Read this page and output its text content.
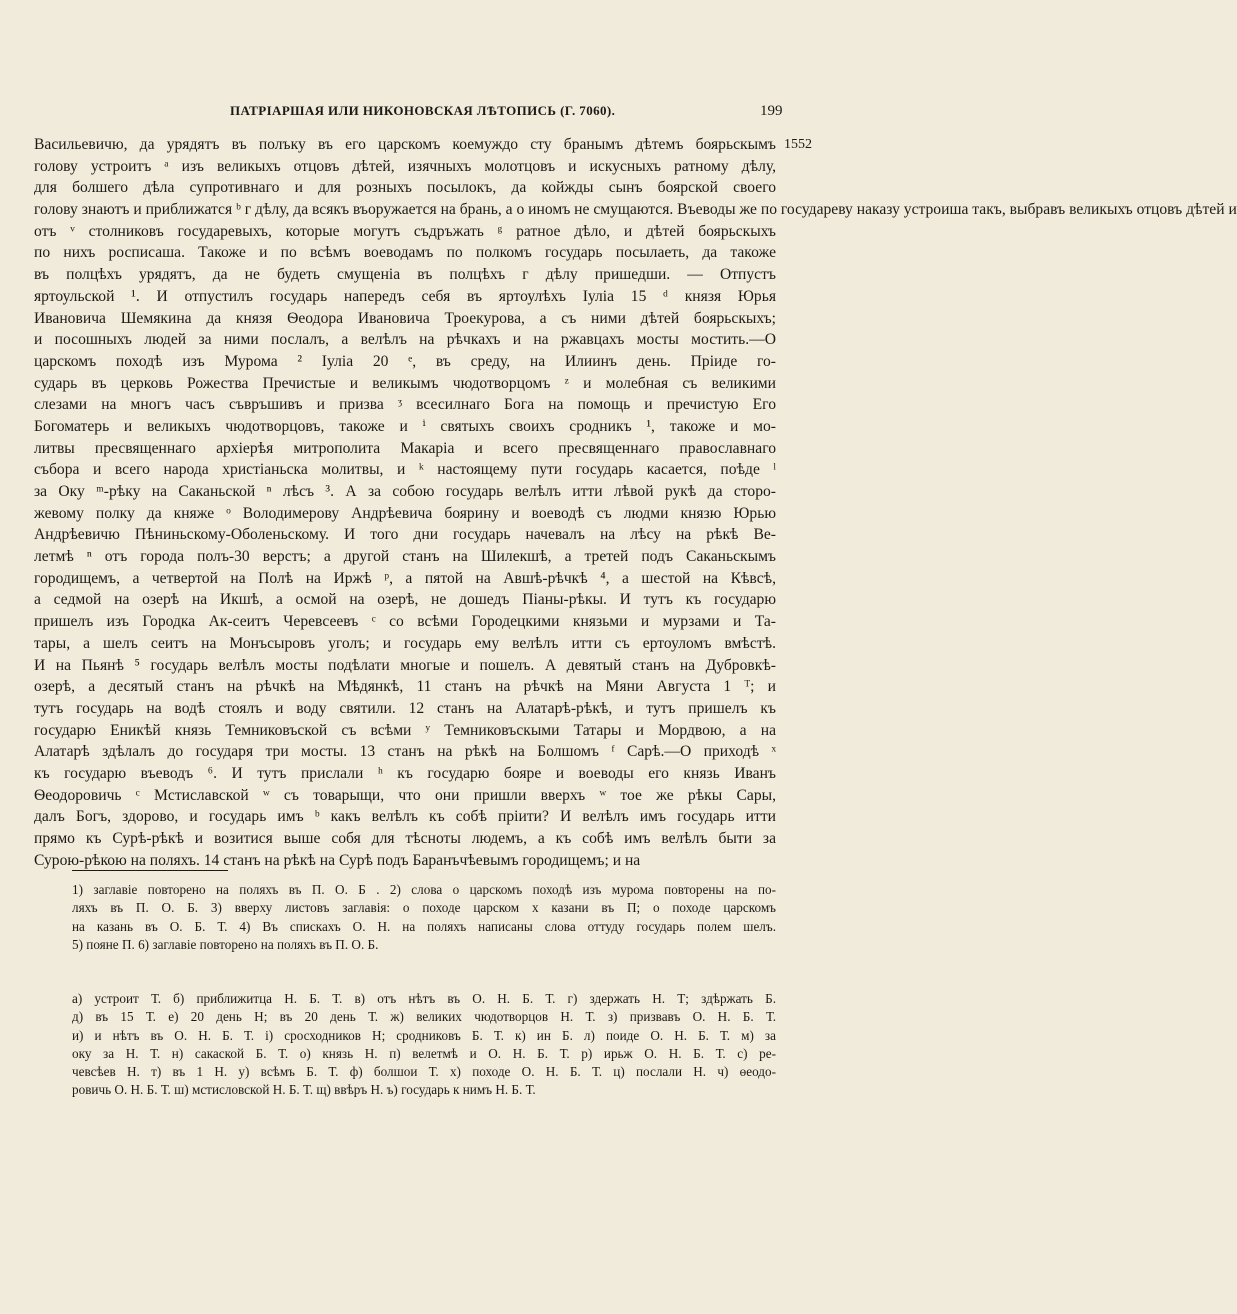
ПАТРІАРШАЯ ИЛИ НИКОНОВСКАЯ ЛѢТОПИСЬ (Г. 7060).	199
1552
Васильевичю, да урядятъ въ полъку въ его царскомъ коемуждо сту бранымъ дѣтемъ боярьскымъ
голову устроитъ ᵃ изъ великыхъ отцовъ дѣтей, изячныхъ молотцовъ и искусныхъ ратному дѣлу,
для болшего дѣла супротивнаго и для розныхъ посылокъ, да койжды сынъ боярской своего
голову знаютъ и приближатся ᵇ г дѣлу, да всякъ въоружается на брань, а о иномъ не смущаются. Въеводы же по государеву наказу устроиша такъ, выбравъ великыхъ отцовъ дѣтей и
отъ ᵛ столниковъ государевыхъ, которые могутъ съдръжать ᵍ ратное дѣло, и дѣтей боярьскыхъ
по нихъ росписаша. Такоже и по всѣмъ воеводамъ по полкомъ государь посылаеть, да такоже
въ полцѣхъ урядятъ, да не будеть смущеніа въ полцѣхъ г дѣлу пришедши. — Отпустъ
яртоульской ¹. И отпустилъ государь напередъ себя въ яртоулѣхъ Іуліа 15 ᵈ князя Юрья
Ивановича Шемякина да князя Ѳеодора Ивановича Троекурова, а съ ними дѣтей боярьскыхъ;
и посошныхъ людей за ними послалъ, а велѣлъ на рѣчкахъ и на ржавцахъ мосты мостить.—О
царскомъ походѣ изъ Мурома ² Іуліа 20 ᵉ, въ среду, на Илиинъ день. Пріиде го-
сударь въ церковь Рожества Пречистые и великымъ чюдотворцомъ ᶻ и молебная съ великими
слезами на многъ часъ съвръшивъ и призва ᶾ всесилнаго Бога на помощь и пречистую Его
Богоматерь и великыхъ чюдотворцовъ, такоже и ⁱ святыхъ своихъ сродникъ ¹, такоже и мо-
литвы пресвященнаго архіерѣя митрополита Макаріа и всего пресвященнаго православнаго
събора и всего народа христіаньска молитвы, и ᵏ настоящему пути государь касается, поѣде ˡ
за Оку ᵐ-рѣку на Саканьской ⁿ лѣсъ ³. А за собою государь велѣлъ итти лѣвой рукѣ да сторо-
жевому полку да княже ᵒ Володимерову Андрѣевича боярину и воеводѣ съ людми князю Юрью
Андрѣевичю Пѣниньскому-Оболеньскому. И того дни государь начевалъ на лѣсу на рѣкѣ Ве-
летмѣ ⁿ отъ города полъ-30 верстъ; а другой станъ на Шилекшѣ, а третей подъ Саканьскымъ
городищемъ, а четвертой на Полѣ на Иржѣ ᵖ, а пятой на Авшѣ-рѣчкѣ ⁴, а шестой на Кѣвсѣ,
а седмой на озерѣ на Икшѣ, а осмой на озерѣ, не дошедъ Піаны-рѣкы. И тутъ къ государю
пришелъ изъ Городка Ак-сеитъ Черевсеевъ ᶜ со всѣми Городецкими князьми и мурзами и Та-
тары, а шелъ сеитъ на Монъсыровъ уголъ; и государь ему велѣлъ итти съ ертоуломъ вмѣстѣ.
И на Пьянѣ ⁵ государь велѣлъ мосты подѣлати многые и пошелъ. А девятый станъ на Дубровкѣ-
озерѣ, а десятый станъ на рѣчкѣ на Мѣдянкѣ, 11 станъ на рѣчкѣ на Мяни Августа 1 ᵀ; и
тутъ государь на водѣ стоялъ и воду святили. 12 станъ на Алатарѣ-рѣкѣ, и тутъ пришелъ къ
государю Еникѣй князь Темниковъской съ всѣми ʸ Темниковъскыми Татары и Мордвою, а на
Алатарѣ здѣлалъ до государя три мосты. 13 станъ на рѣкѣ на Болшомъ ᶠ Сарѣ.—О приходѣ ˣ
къ государю въеводъ ⁶. И тутъ прислали ʰ къ государю бояре и воеводы его князь Иванъ
Ѳеодоровичь ᶜ Мстиславской ʷ съ товарыщи, что они пришли вверхъ ʷ тое же рѣкы Сары,
далъ Богъ, здорово, и государь имъ ᵇ какъ велѣлъ къ собѣ пріити? И велѣлъ имъ государь итти
прямо къ Сурѣ-рѣкѣ и возитися выше собя для тѣсноты людемъ, а къ собѣ имъ велѣлъ быти за
Сурою-рѣкою на поляхъ. 14 станъ на рѣкѣ на Сурѣ подъ Баранъчѣевымъ городищемъ; и на
1) заглавіе повторено на поляхъ въ П. О. Б . 2) слова о царскомъ походѣ изъ мурома повторены на по-
ляхъ въ П. О. Б. 3) вверху листовъ заглавія: о походе царском х казани въ П; о походе царскомъ
на казань въ О. Б. Т. 4) Въ спискахъ О. Н. на поляхъ написаны слова оттуду государь полем шелъ.
5) пояне П. 6) заглавіе повторено на поляхъ въ П. О. Б.
а) устроит Т. б) приближитца Н. Б. Т. в) отъ нѣтъ въ О. Н. Б. Т. г) здержать Н. Т; здѣржать Б.
д) въ 15 Т. е) 20 день Н; въ 20 день Т. ж) великих чюдотворцов Н. Т. з) призвавъ О. Н. Б. Т.
и) и нѣтъ въ О. Н. Б. Т. і) сросходников Н; сродниковъ Б. Т. к) ин Б. л) поиде О. Н. Б. Т. м) за
оку за Н. Т. н) сакаской Б. Т. о) князь Н. п) велетмѣ и О. Н. Б. Т. р) ирьж О. Н. Б. Т. с) ре-
чевсѣев Н. т) въ 1 Н. у) всѣмъ Б. Т. ф) болшои Т. х) походе О. Н. Б. Т. ц) послали Н. ч) ѳеодо-
ровичь О. Н. Б. Т. ш) мстисловской Н. Б. Т. щ) ввѣръ Н. ъ) государь к нимъ Н. Б. Т.
